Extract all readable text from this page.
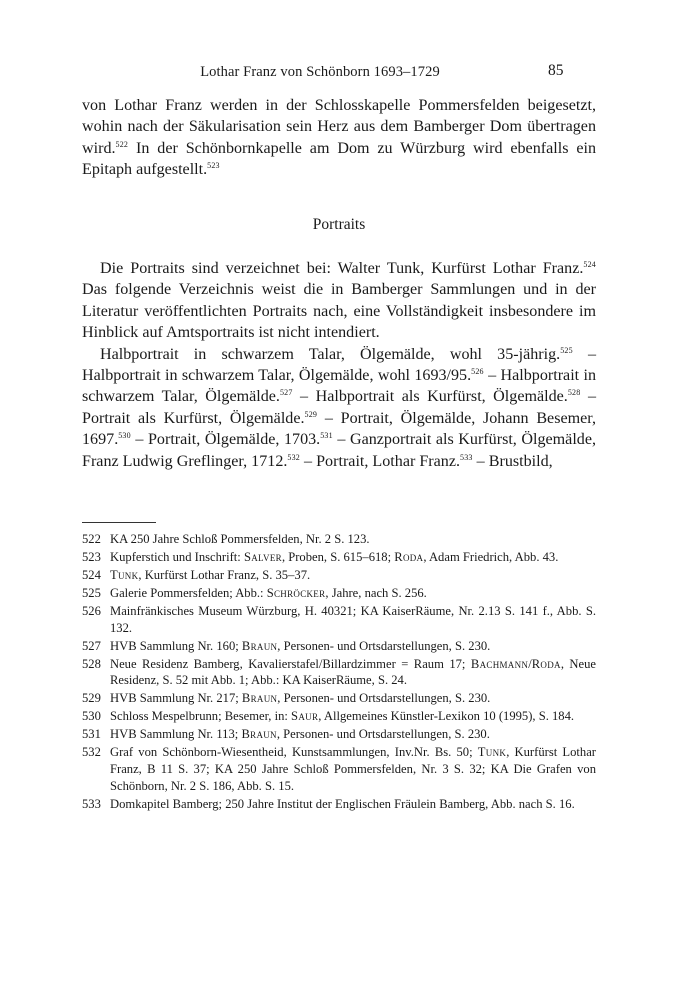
Lothar Franz von Schönborn 1693–1729	85

von Lothar Franz werden in der Schlosskapelle Pommersfelden beigesetzt, wohin nach der Säkularisation sein Herz aus dem Bamberger Dom übertragen wird.$^{522}$ In der Schönbornkapelle am Dom zu Würzburg wird ebenfalls ein Epitaph aufgestellt.$^{523}$

Portraits

Die Portraits sind verzeichnet bei: Walter Tunk, Kurfürst Lothar Franz.$^{524}$ Das folgende Verzeichnis weist die in Bamberger Sammlungen und in der Literatur veröffentlichten Portraits nach, eine Vollständigkeit insbesondere im Hinblick auf Amtsportraits ist nicht intendiert.

Halbportrait in schwarzem Talar, Ölgemälde, wohl 35-jährig.$^{525}$ – Halbportrait in schwarzem Talar, Ölgemälde, wohl 1693/95.$^{526}$ – Halbportrait in schwarzem Talar, Ölgemälde.$^{527}$ – Halbportrait als Kurfürst, Ölgemälde.$^{528}$ – Portrait als Kurfürst, Ölgemälde.$^{529}$ – Portrait, Ölgemälde, Johann Besemer, 1697.$^{530}$ – Portrait, Ölgemälde, 1703.$^{531}$ – Ganzportrait als Kurfürst, Ölgemälde, Franz Ludwig Greflinger, 1712.$^{532}$ – Portrait, Lothar Franz.$^{533}$ – Brustbild,

522 KA 250 Jahre Schloß Pommersfelden, Nr. 2 S. 123.
523 Kupferstich und Inschrift: Salver, Proben, S. 615–618; Roda, Adam Friedrich, Abb. 43.
524 Tunk, Kurfürst Lothar Franz, S. 35–37.
525 Galerie Pommersfelden; Abb.: Schröcker, Jahre, nach S. 256.
526 Mainfränkisches Museum Würzburg, H. 40321; KA KaiserRäume, Nr. 2.13 S. 141 f., Abb. S. 132.
527 HVB Sammlung Nr. 160; Braun, Personen- und Ortsdarstellungen, S. 230.
528 Neue Residenz Bamberg, Kavalierstafel/Billardzimmer = Raum 17; Bachmann/Roda, Neue Residenz, S. 52 mit Abb. 1; Abb.: KA KaiserRäume, S. 24.
529 HVB Sammlung Nr. 217; Braun, Personen- und Ortsdarstellungen, S. 230.
530 Schloss Mespelbrunn; Besemer, in: Saur, Allgemeines Künstler-Lexikon 10 (1995), S. 184.
531 HVB Sammlung Nr. 113; Braun, Personen- und Ortsdarstellungen, S. 230.
532 Graf von Schönborn-Wiesentheid, Kunstsammlungen, Inv.Nr. Bs. 50; Tunk, Kurfürst Lothar Franz, B 11 S. 37; KA 250 Jahre Schloß Pommersfelden, Nr. 3 S. 32; KA Die Grafen von Schönborn, Nr. 2 S. 186, Abb. S. 15.
533 Domkapitel Bamberg; 250 Jahre Institut der Englischen Fräulein Bamberg, Abb. nach S. 16.
